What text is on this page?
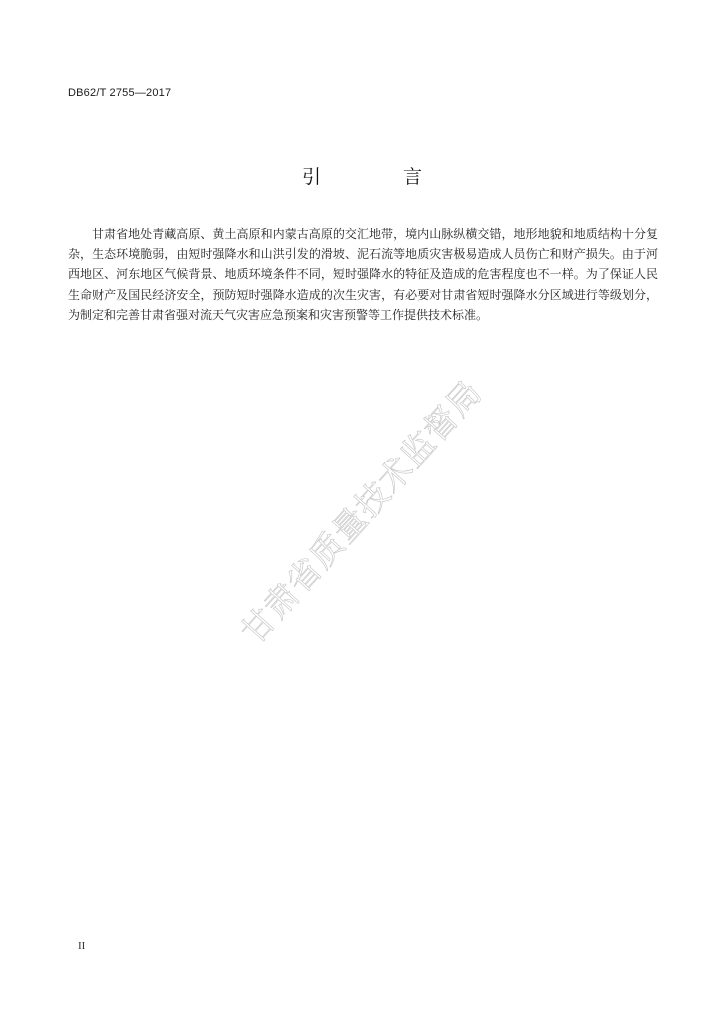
DB62/T 2755—2017
引 言

甘肃省地处青藏高原、黄土高原和内蒙古高原的交汇地带，境内山脉纵横交错，地形地貌和地质结构十分复杂，生态环境脆弱，由短时强降水和山洪引发的滑坡、泥石流等地质灾害极易造成人员伤亡和财产损失。由于河西地区、河东地区气候背景、地质环境条件不同，短时强降水的特征及造成的危害程度也不一样。为了保证人民生命财产及国民经济安全，预防短时强降水造成的次生灾害，有必要对甘肃省短时强降水分区域进行等级划分，为制定和完善甘肃省强对流天气灾害应急预案和灾害预警等工作提供技术标准。

甘肃省质量技术监督局
II
